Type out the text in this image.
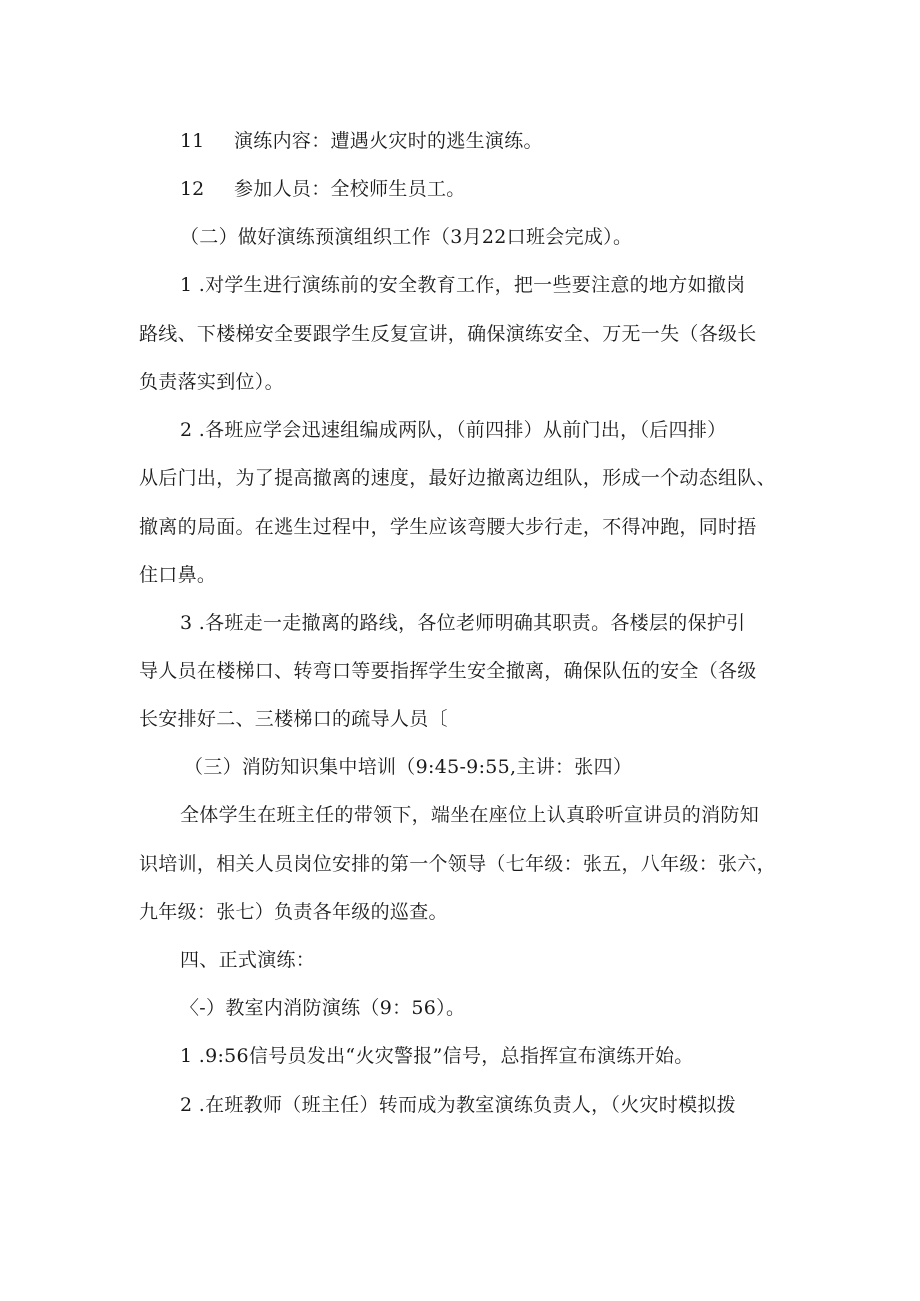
11 演练内容：遭遇火灾时的逃生演练。
12 参加人员：全校师生员工。
（二）做好演练预演组织工作（3月22口班会完成）。
1 .对学生进行演练前的安全教育工作，把一些要注意的地方如撤岗
路线、下楼梯安全要跟学生反复宣讲，确保演练安全、万无一失（各级长
负责落实到位）。
2 .各班应学会迅速组编成两队，（前四排）从前门出，（后四排）
从后门出，为了提高撤离的速度，最好边撤离边组队，形成一个动态组队、
撤离的局面。在逃生过程中，学生应该弯腰大步行走，不得冲跑，同时捂
住口鼻。
3 .各班走一走撤离的路线，各位老师明确其职责。各楼层的保护引
导人员在楼梯口、转弯口等要指挥学生安全撤离，确保队伍的安全（各级
长安排好二、三楼梯口的疏导人员〔
（三）消防知识集中培训（9:45-9:55,主讲：张四）
全体学生在班主任的带领下，端坐在座位上认真聆听宣讲员的消防知
识培训，相关人员岗位安排的第一个领导（七年级：张五，八年级：张六，
九年级：张七）负责各年级的巡查。
四、正式演练：
〈-）教室内消防演练（9：56）。
1 .9:56信号员发出“火灾警报”信号，总指挥宣布演练开始。
2 .在班教师（班主任）转而成为教室演练负责人，（火灾时模拟拨
